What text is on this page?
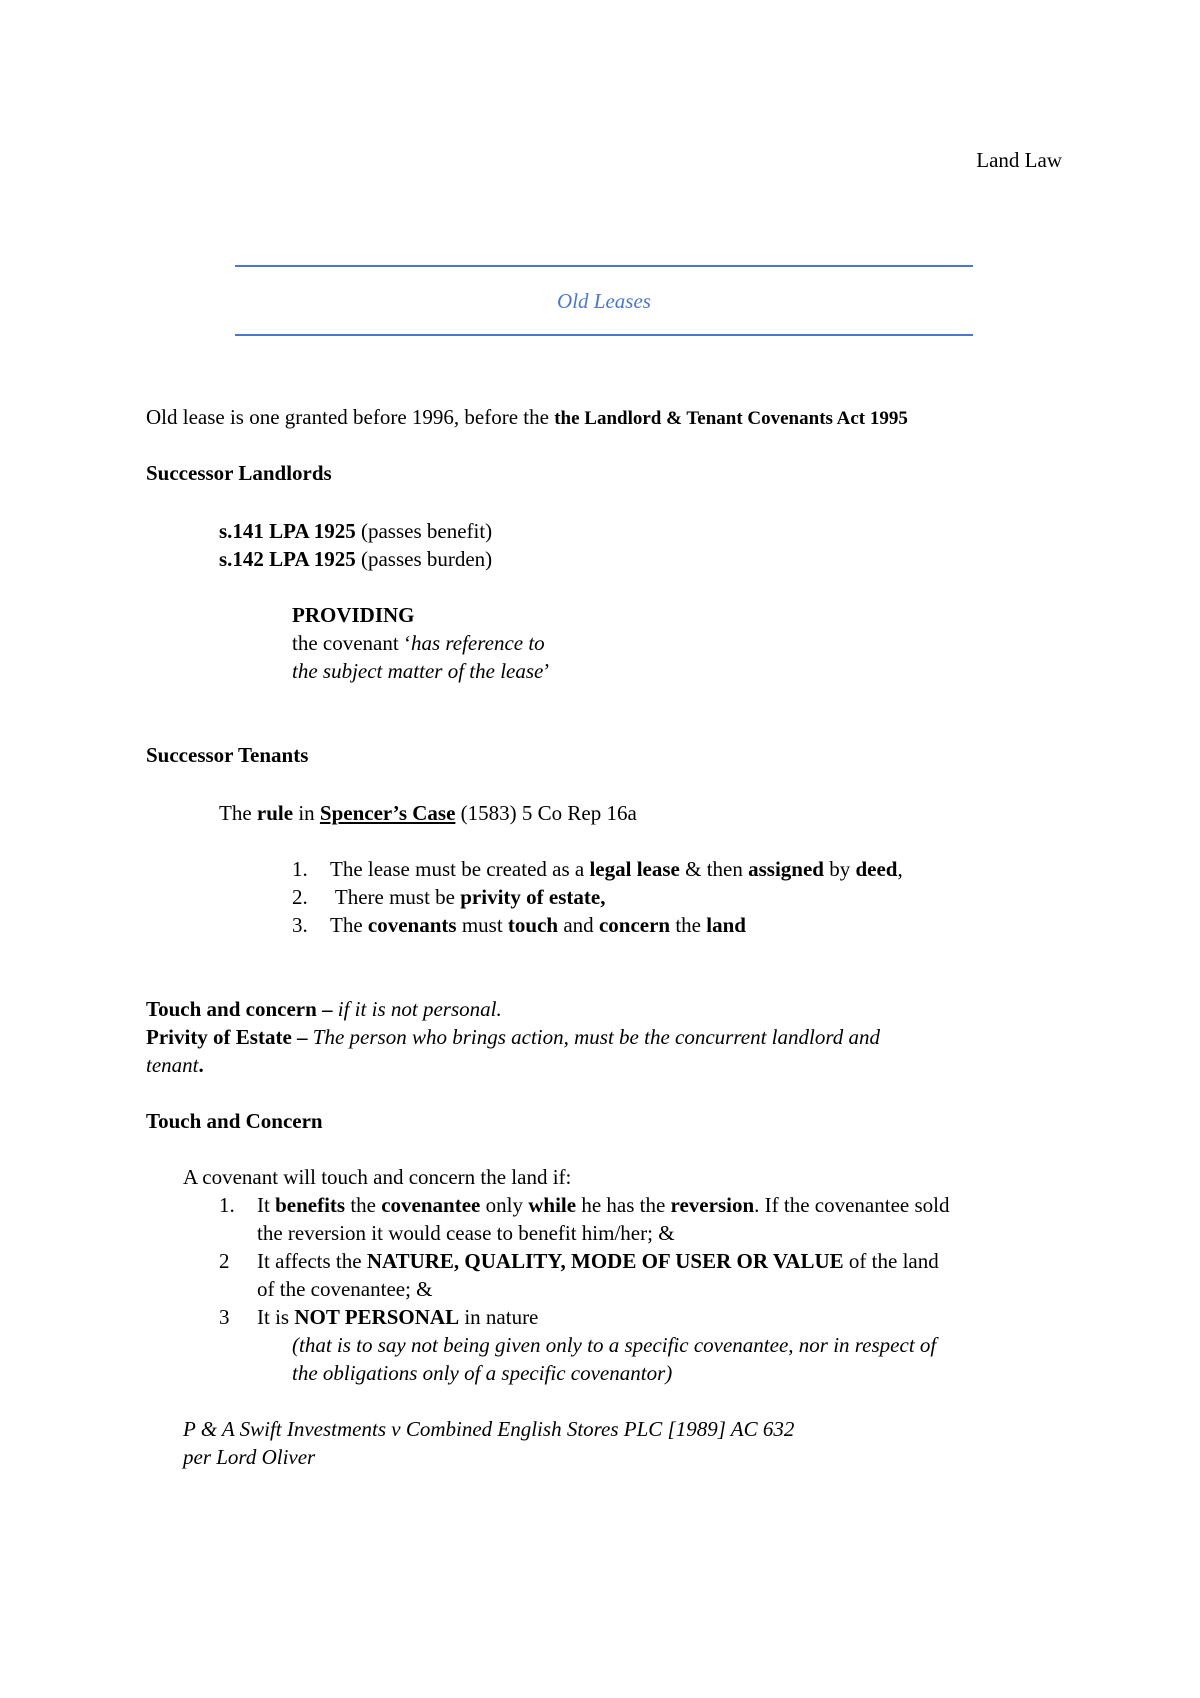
Land Law
Old Leases
Old lease is one granted before 1996, before the the Landlord & Tenant Covenants Act 1995
Successor Landlords
s.141 LPA 1925 (passes benefit)
s.142 LPA 1925 (passes burden)
PROVIDING
the covenant ‘has reference to
the subject matter of the lease’
Successor Tenants
The rule in Spencer’s Case (1583) 5 Co Rep 16a
1. The lease must be created as a legal lease & then assigned by deed,
2. There must be privity of estate,
3. The covenants must touch and concern the land
Touch and concern – if it is not personal.
Privity of Estate – The person who brings action, must be the concurrent landlord and
tenant.
Touch and Concern
A covenant will touch and concern the land if:
1. It benefits the covenantee only while he has the reversion. If the covenantee sold
the reversion it would cease to benefit him/her; &
2 It affects the NATURE, QUALITY, MODE OF USER OR VALUE of the land
of the covenantee; &
3 It is NOT PERSONAL in nature
(that is to say not being given only to a specific covenantee, nor in respect of
the obligations only of a specific covenantor)
P & A Swift Investments v Combined English Stores PLC [1989] AC 632
per Lord Oliver
